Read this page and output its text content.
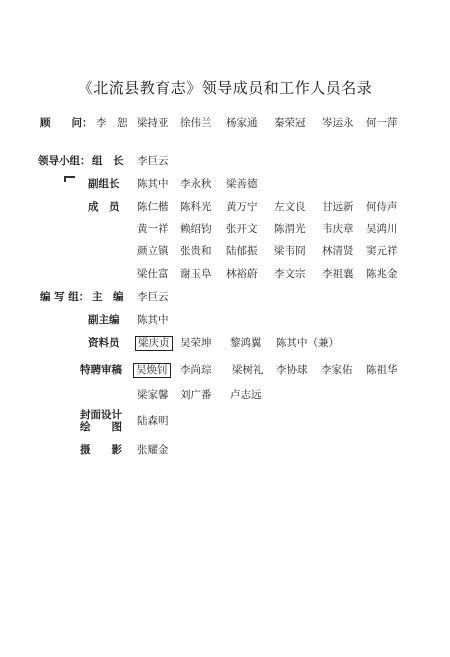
《北流县教育志》领导成员和工作人员名录
顾　　问： 李　恕 梁持亚 徐伟兰 杨家通 秦荣冠 岑运永 何一萍
领导小组： 组　长 李巨云
副组长 陈其中 李永秋 梁善德
成　员 陈仁楷 陈科光 黄万宁 左文良 甘远新 何侍声
黄一祥 赖绍钧 张开文 陈渭光 韦庆章 吴鸿川
颜立镇 张贵和 陆郁振 梁韦冏 林清贤 窦元祥
梁仕富 谢玉阜 林裕蔚 李文宗 李祖襄 陈兆金
编 写 组： 主　编 李巨云
副主编 陈其中
资料员 梁庆贞 吴荣坤 黎鸿翼 陈其中（兼）
特聘审稿 吴焕钊 李尚琮 梁树礼 李协球 李家佑 陈祖华
梁家馨 刘广番 卢志远
封面设计
绘　　图 陆森明
摄　　影 张耀金
